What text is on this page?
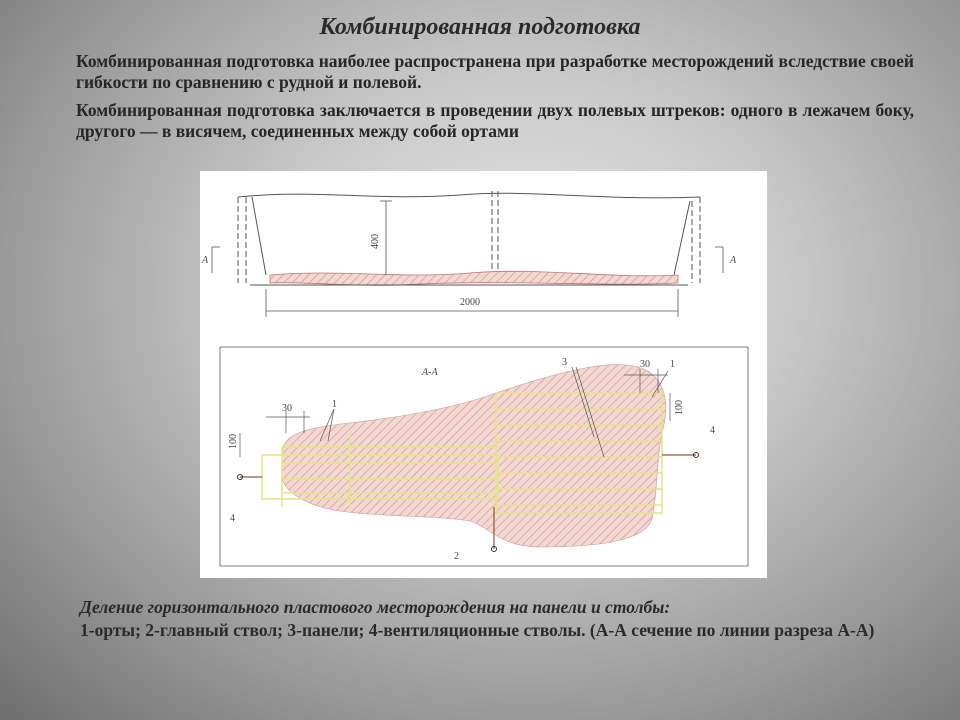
Комбинированная подготовка

Комбинированная подготовка наиболее распространена при разработке месторождений вследствие своей гибкости по сравнению с рудной и полевой.

Комбинированная подготовка заключается в проведении двух полевых штреков: одного в лежачем боку, другого — в висячем, соединенных между собой ортами

400
2000
A	A
A-A
4
4
2
30
100
1
30
100
1
3
Деление горизонтального пластового месторождения на панели и столбы:
1-орты; 2-главный ствол; 3-панели; 4-вентиляционные стволы. (А-А сечение по линии разреза А-А)
